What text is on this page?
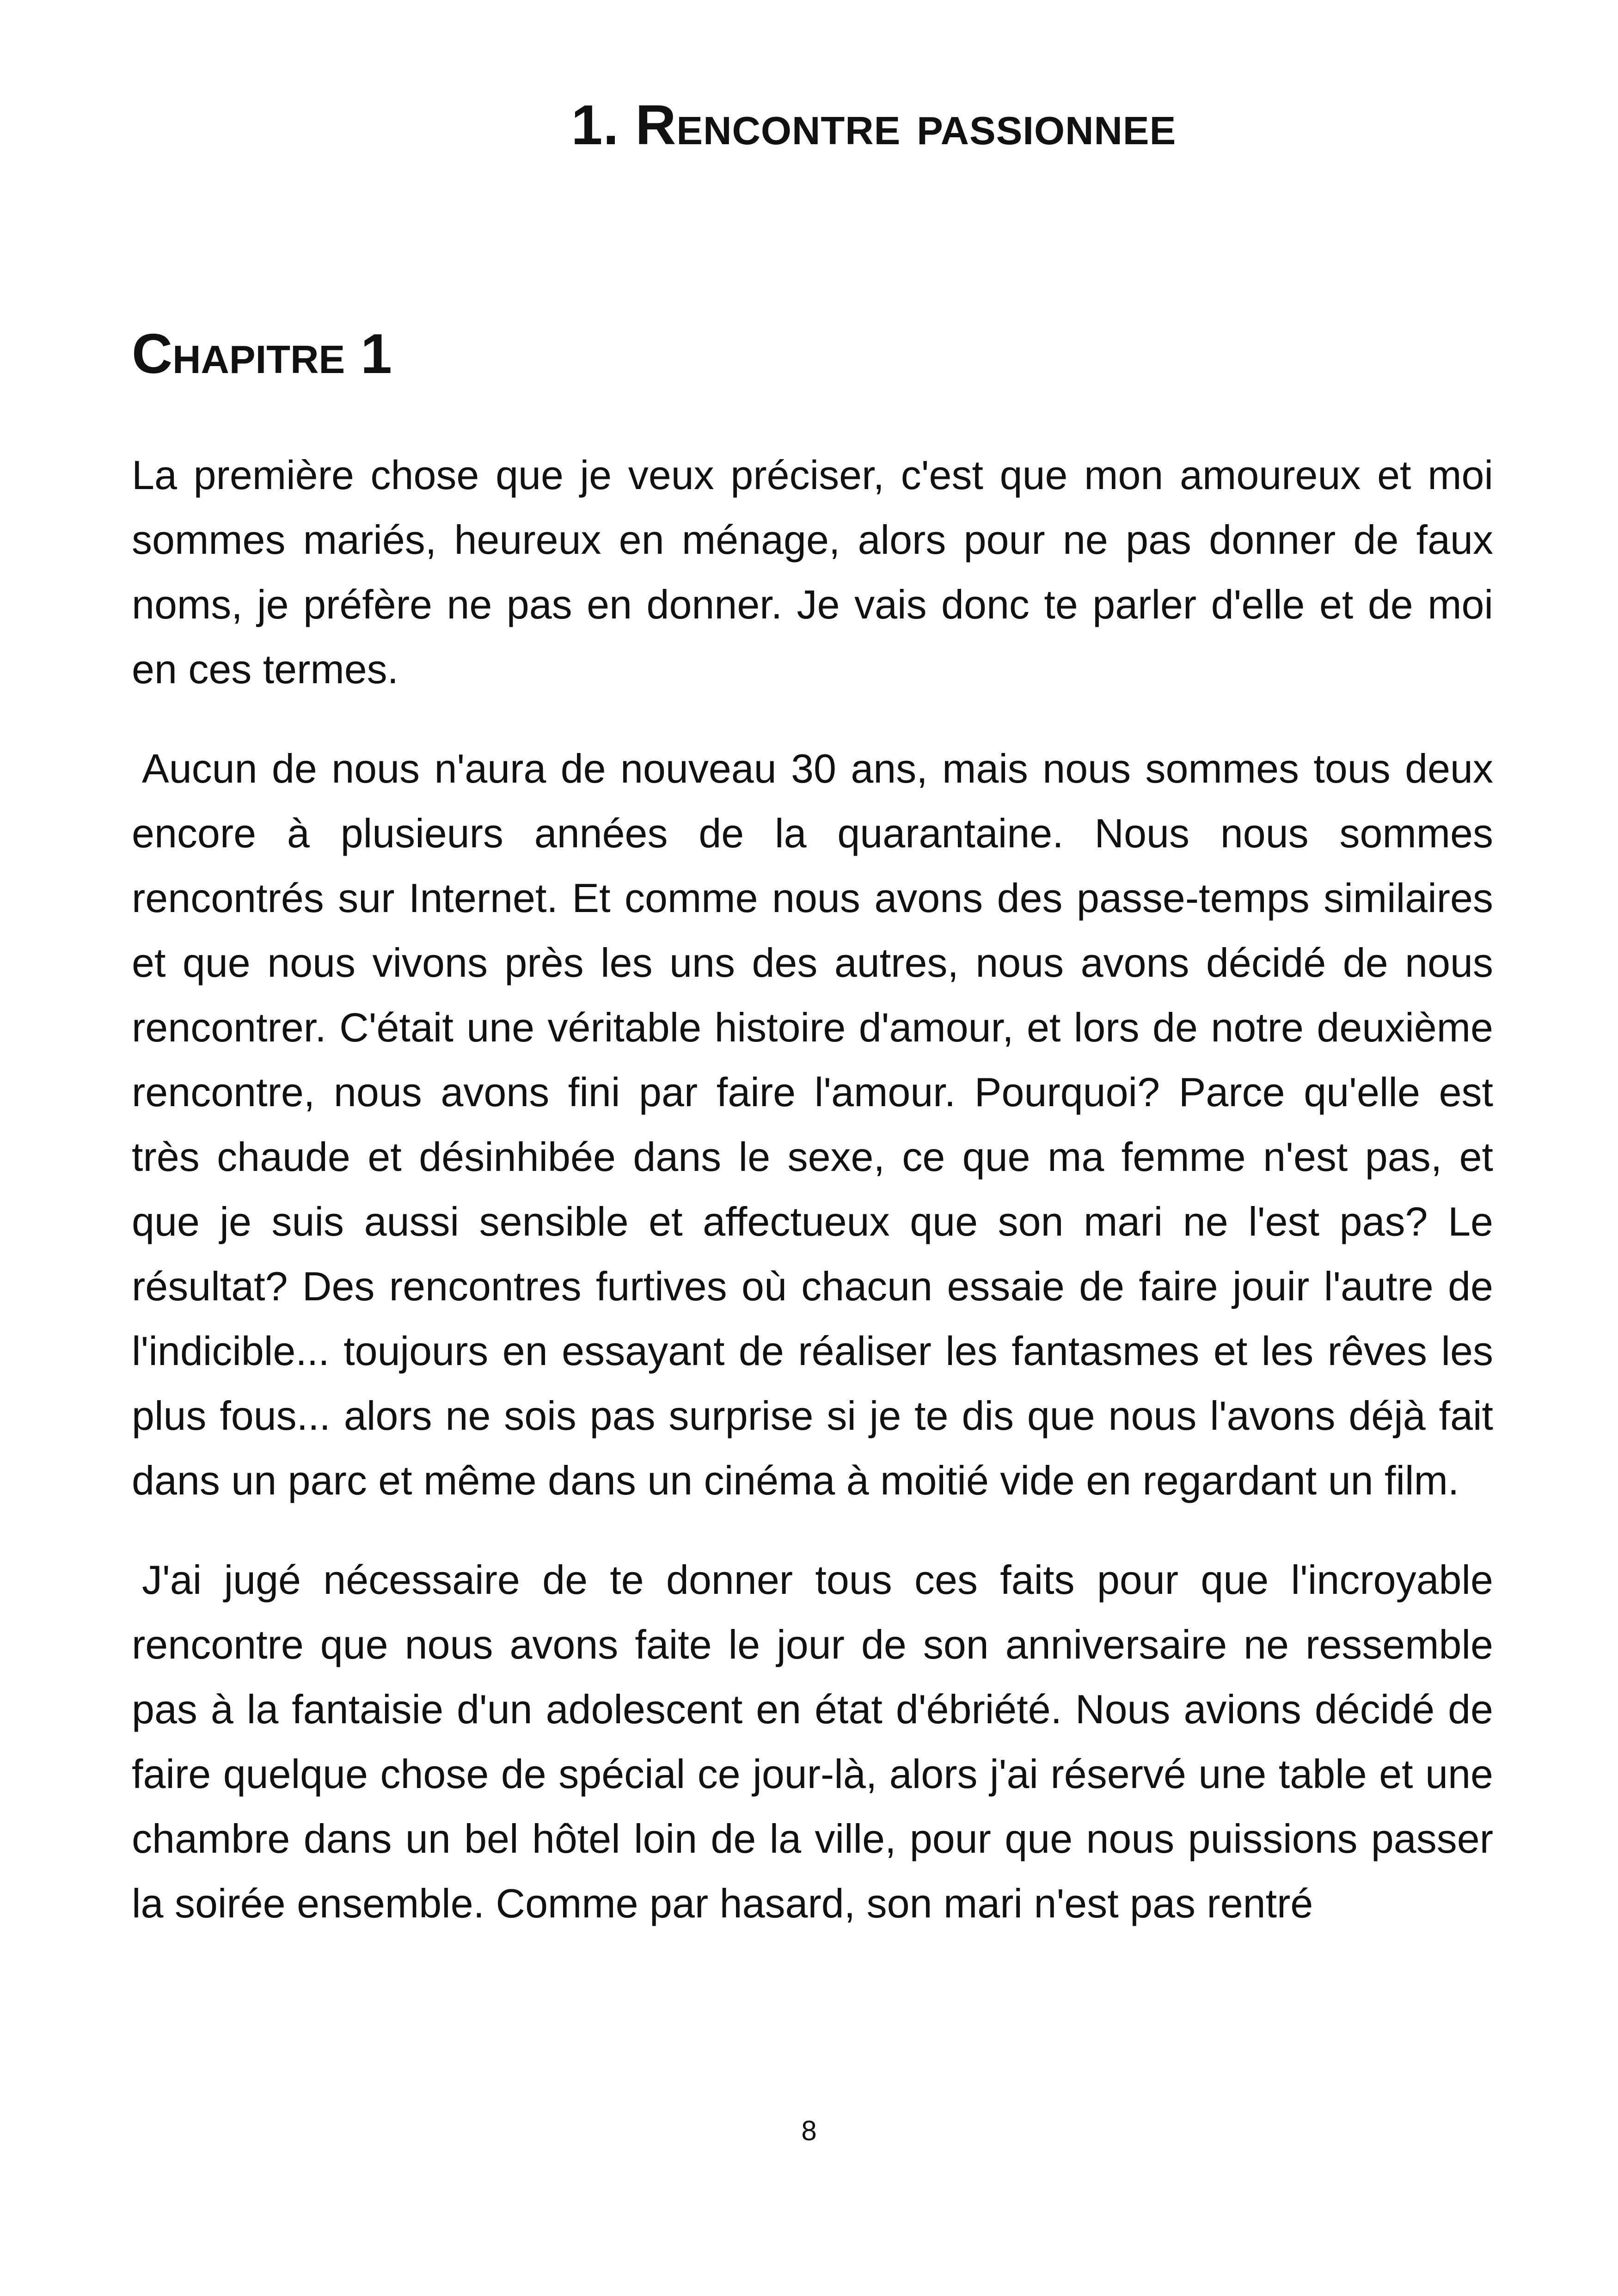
1. Rencontre passionnee
Chapitre 1

La première chose que je veux préciser, c'est que mon amoureux et moi sommes mariés, heureux en ménage, alors pour ne pas donner de faux noms, je préfère ne pas en donner. Je vais donc te parler d'elle et de moi en ces termes.

Aucun de nous n'aura de nouveau 30 ans, mais nous sommes tous deux encore à plusieurs années de la quarantaine. Nous nous sommes rencontrés sur Internet. Et comme nous avons des passe-temps similaires et que nous vivons près les uns des autres, nous avons décidé de nous rencontrer. C'était une véritable histoire d'amour, et lors de notre deuxième rencontre, nous avons fini par faire l'amour. Pourquoi? Parce qu'elle est très chaude et désinhibée dans le sexe, ce que ma femme n'est pas, et que je suis aussi sensible et affectueux que son mari ne l'est pas? Le résultat? Des rencontres furtives où chacun essaie de faire jouir l'autre de l'indicible... toujours en essayant de réaliser les fantasmes et les rêves les plus fous... alors ne sois pas surprise si je te dis que nous l'avons déjà fait dans un parc et même dans un cinéma à moitié vide en regardant un film.

J'ai jugé nécessaire de te donner tous ces faits pour que l'incroyable rencontre que nous avons faite le jour de son anniversaire ne ressemble pas à la fantaisie d'un adolescent en état d'ébriété. Nous avions décidé de faire quelque chose de spécial ce jour-là, alors j'ai réservé une table et une chambre dans un bel hôtel loin de la ville, pour que nous puissions passer la soirée ensemble. Comme par hasard, son mari n'est pas rentré

8
